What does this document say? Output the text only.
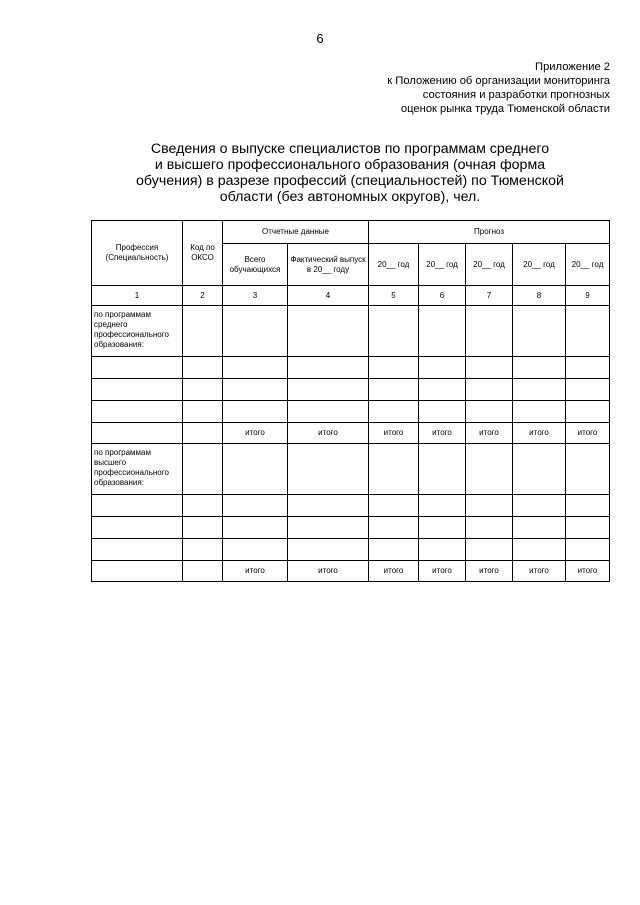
6
Приложение 2
к Положению об организации мониторинга
состояния и разработки прогнозных
оценок рынка труда Тюменской области
Сведения о выпуске специалистов по программам среднего
и высшего профессионального образования (очная форма
обучения) в разрезе профессий (специальностей) по Тюменской
области (без автономных округов), чел.
Профессия (Специальность)	Код по ОКСО	Отчетные данные		Прогноз				
		Всего обучающихся	Фактический выпуск в 20__ году	20__ год	20__ год	20__ год	20__ год	20__ год
1	2	3	4	5	6	7	8	9
по программам среднего профессионального образования:								

		итого	итого	итого	итого	итого	итого	итого
по программам высшего профессионального образования:								

		итого	итого	итого	итого	итого	итого	итого
